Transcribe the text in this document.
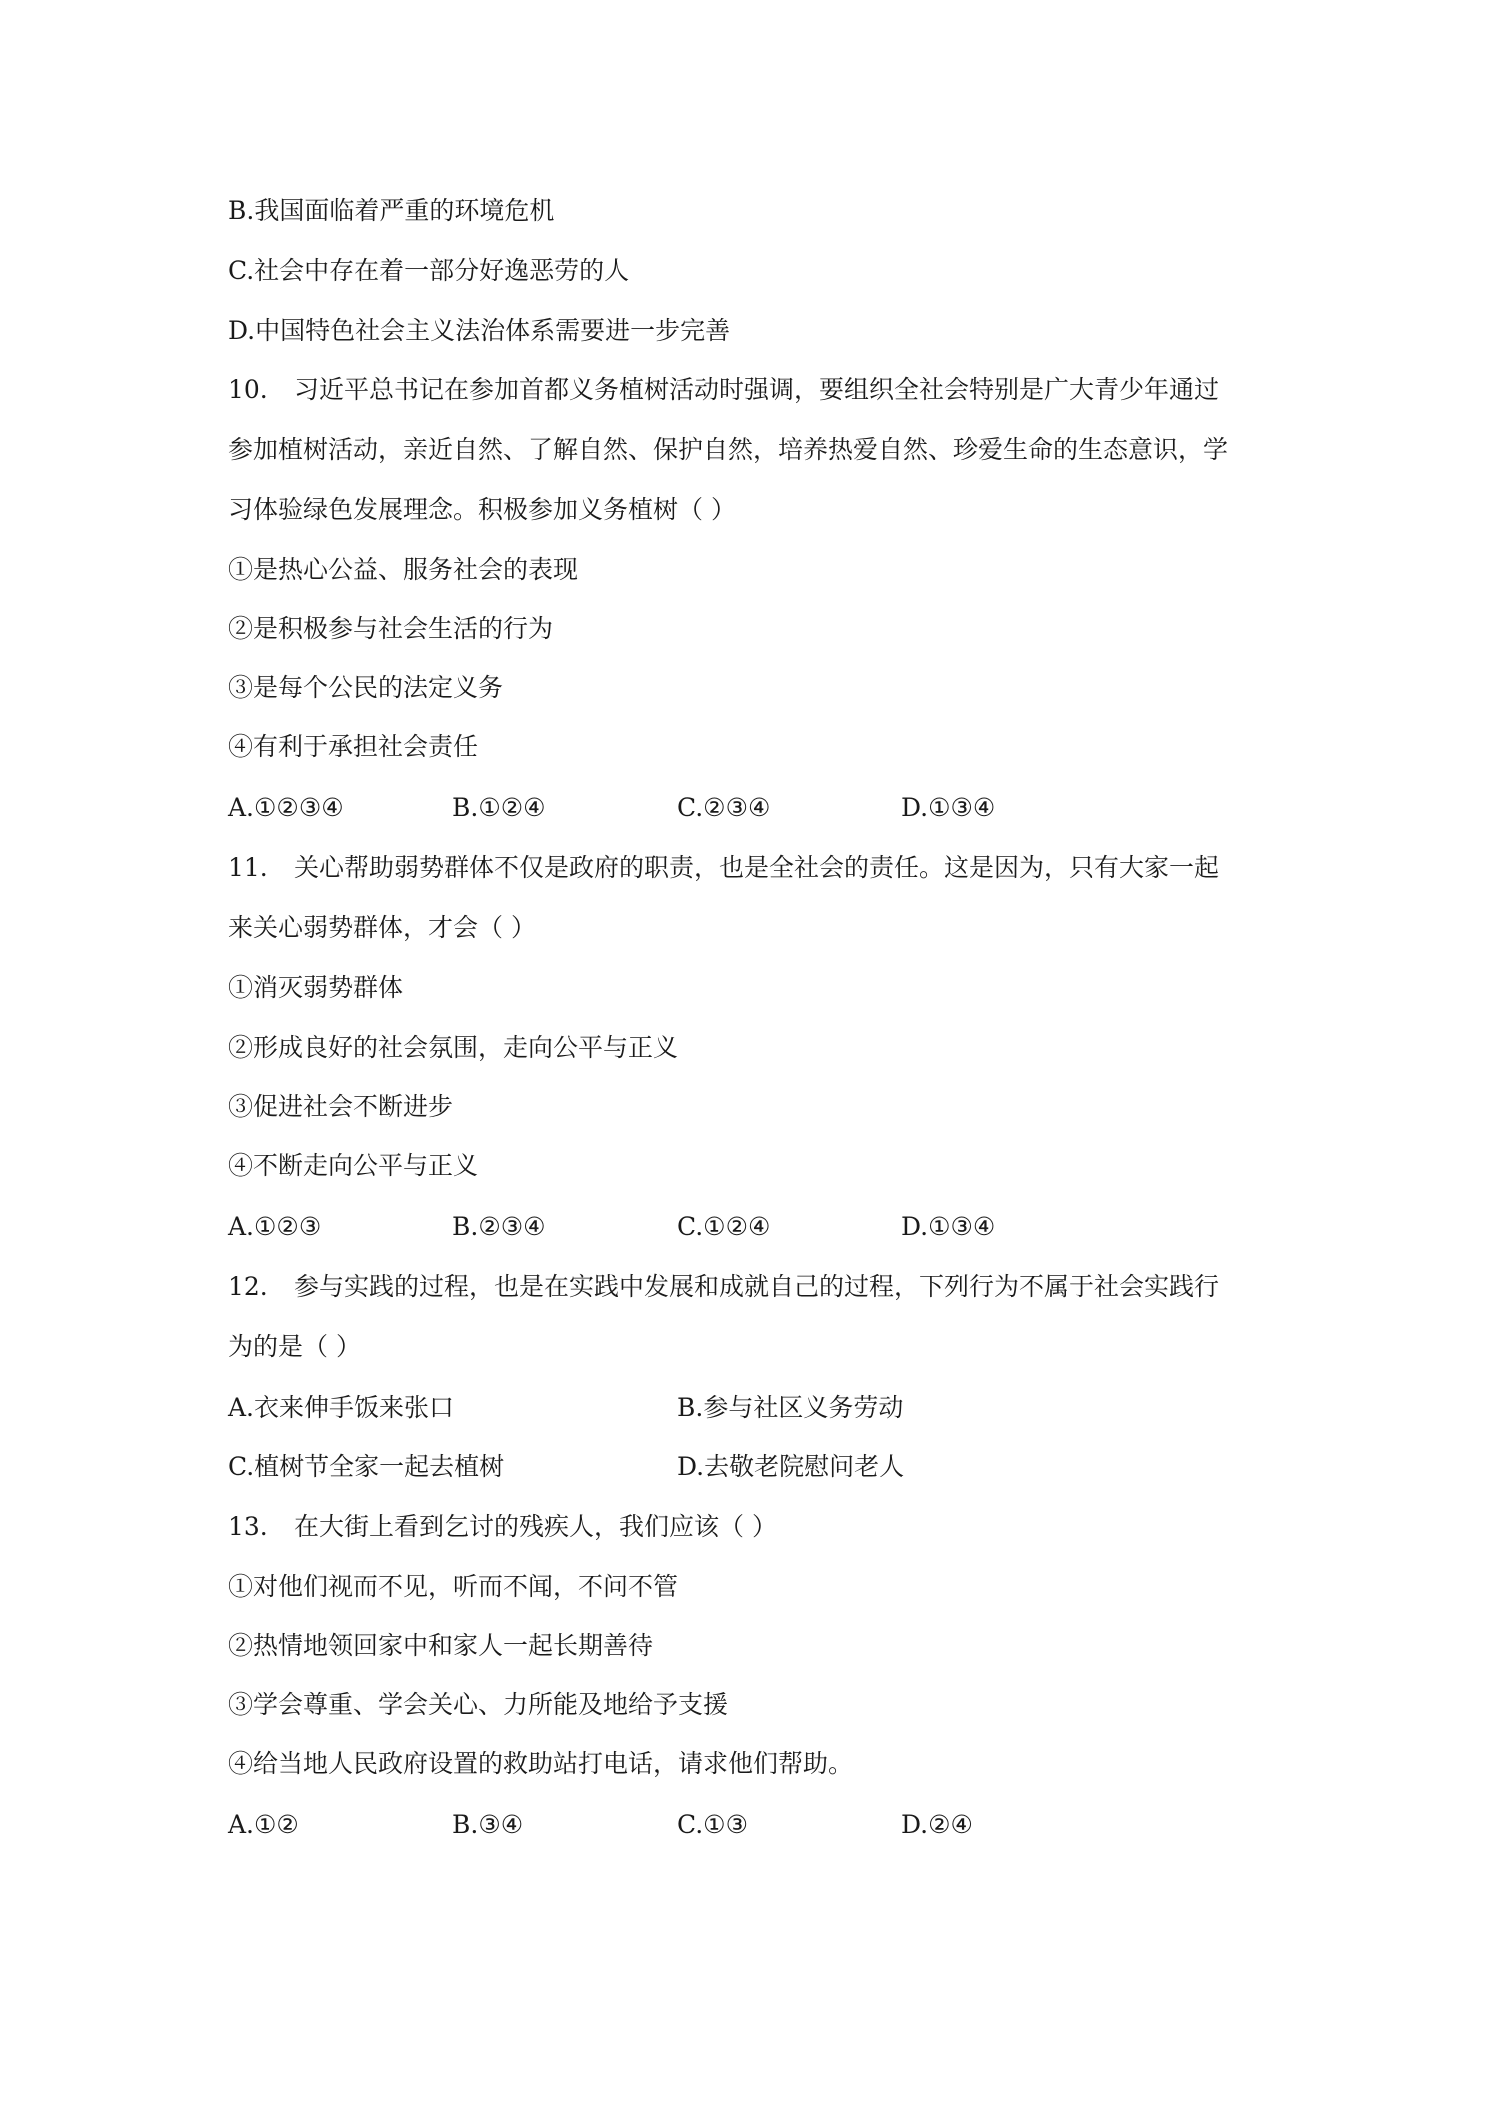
B.我国面临着严重的环境危机
C.社会中存在着一部分好逸恶劳的人
D.中国特色社会主义法治体系需要进一步完善
10. 习近平总书记在参加首都义务植树活动时强调，要组织全社会特别是广大青少年通过
参加植树活动，亲近自然、了解自然、保护自然，培养热爱自然、珍爱生命的生态意识，学
习体验绿色发展理念。积极参加义务植树（ ）
①是热心公益、服务社会的表现
②是积极参与社会生活的行为
③是每个公民的法定义务
④有利于承担社会责任
A.①②③④	B.①②④	C.②③④	D.①③④
11. 关心帮助弱势群体不仅是政府的职责，也是全社会的责任。这是因为，只有大家一起
来关心弱势群体，才会（ ）
①消灭弱势群体
②形成良好的社会氛围，走向公平与正义
③促进社会不断进步
④不断走向公平与正义
A.①②③	B.②③④	C.①②④	D.①③④
12. 参与实践的过程，也是在实践中发展和成就自己的过程，下列行为不属于社会实践行
为的是（ ）
A.衣来伸手饭来张口	B.参与社区义务劳动
C.植树节全家一起去植树	D.去敬老院慰问老人
13. 在大街上看到乞讨的残疾人，我们应该（ ）
①对他们视而不见，听而不闻，不问不管
②热情地领回家中和家人一起长期善待
③学会尊重、学会关心、力所能及地给予支援
④给当地人民政府设置的救助站打电话，请求他们帮助。
A.①②	B.③④	C.①③	D.②④
